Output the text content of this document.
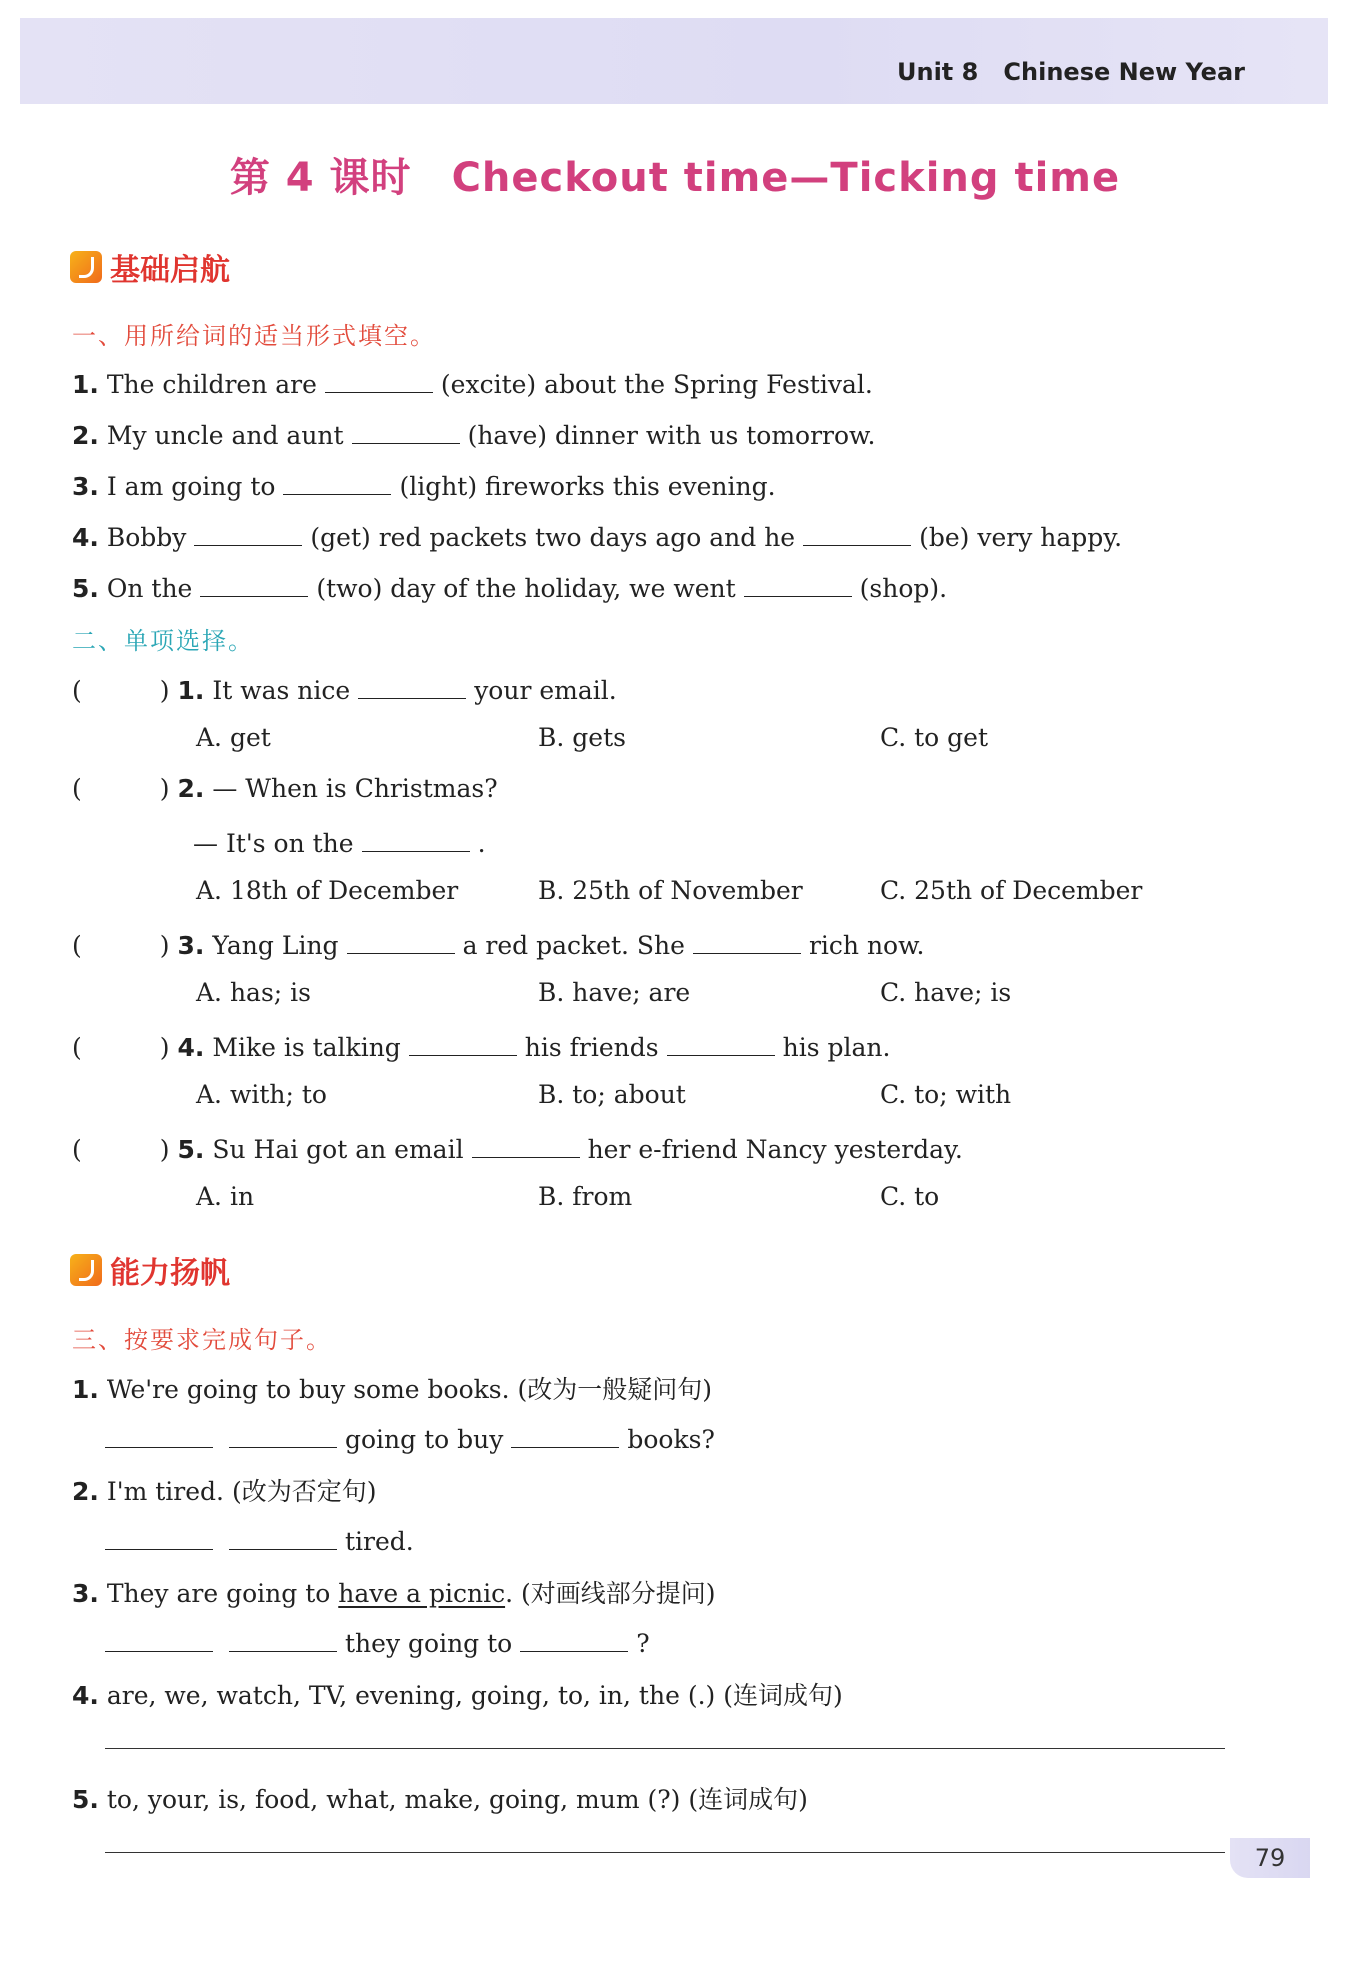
Unit 8 Chinese New Year
第 4 课时 Checkout time—Ticking time
基础启航
一、用所给词的适当形式填空。
1. The children are	(excite) about the Spring Festival.
2. My uncle and aunt	(have) dinner with us tomorrow.
3. I am going to	(light) fireworks this evening.
4. Bobby	(get) red packets two days ago and he	(be) very happy.
5. On the	(two) day of the holiday, we went	(shop).
二、单项选择。
(	) 1. It was nice	your email.
A. get	B. gets	C. to get
(	) 2. — When is Christmas?
— It's on the	.
A. 18th of December	B. 25th of November	C. 25th of December
(	) 3. Yang Ling	a red packet. She	rich now.
A. has; is	B. have; are	C. have; is
(	) 4. Mike is talking	his friends	his plan.
A. with; to	B. to; about	C. to; with
(	) 5. Su Hai got an email	her e-friend Nancy yesterday.
A. in	B. from	C. to
能力扬帆
三、按要求完成句子。
1. We're going to buy some books. (改为一般疑问句)
going to buy	books?
2. I'm tired. (改为否定句)
tired.
3. They are going to have a picnic. (对画线部分提问)
they going to	?
4. are, we, watch, TV, evening, going, to, in, the (.) (连词成句)
5. to, your, is, food, what, make, going, mum (?) (连词成句)
79
